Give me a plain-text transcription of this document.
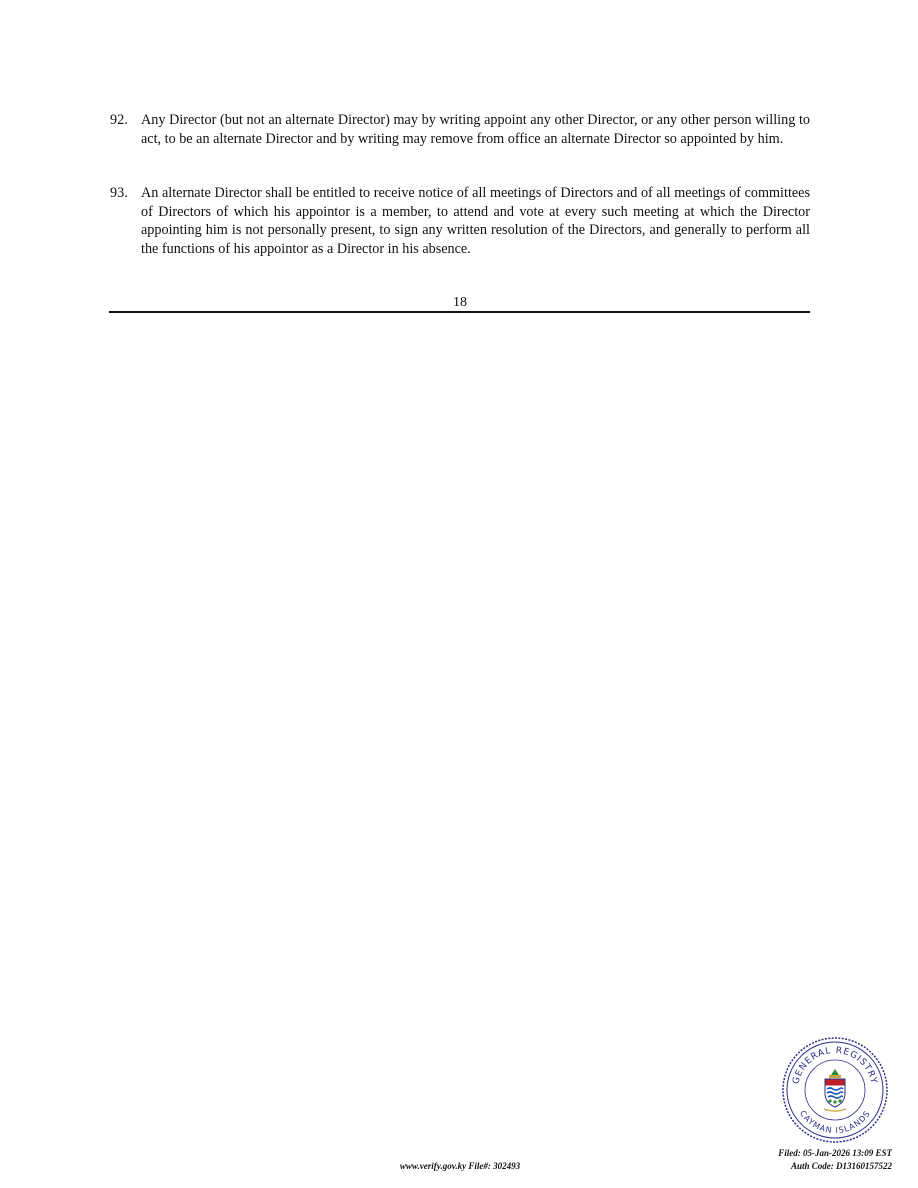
92. Any Director (but not an alternate Director) may by writing appoint any other Director, or any other person willing to act, to be an alternate Director and by writing may remove from office an alternate Director so appointed by him.
93. An alternate Director shall be entitled to receive notice of all meetings of Directors and of all meetings of committees of Directors of which his appointor is a member, to attend and vote at every such meeting at which the Director appointing him is not personally present, to sign any written resolution of the Directors, and generally to perform all the functions of his appointor as a Director in his absence.
18
GENERAL REGISTRY
CAYMAN ISLANDS
www.verify.gov.ky File#: 302493
Filed: 05-Jan-2026 13:09 EST
Auth Code: D13160157522
